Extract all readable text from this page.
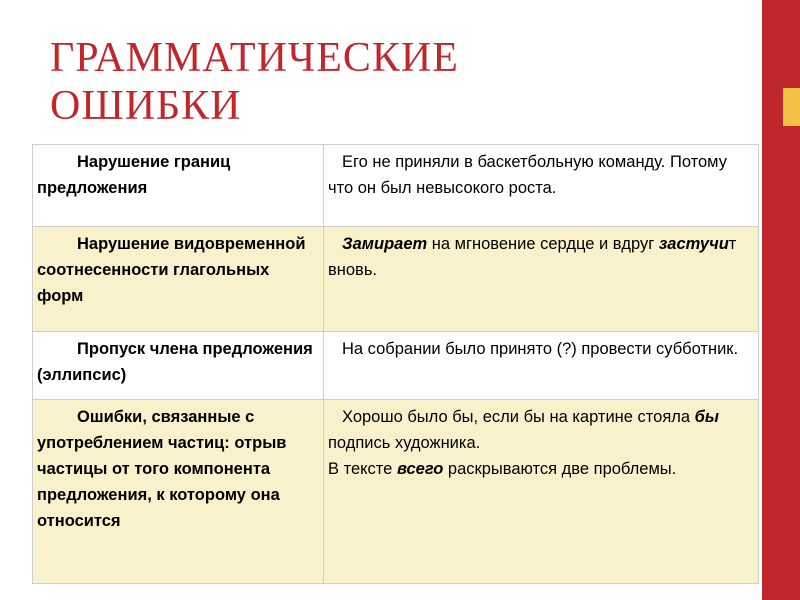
ГРАММАТИЧЕСКИЕ
ОШИБКИ
Нарушение границ предложения	Его не приняли в баскетбольную команду. Потому что он был невысокого роста.

Нарушение видовременной соотнесенности глагольных форм	Замирает на мгновение сердце и вдруг застучит вновь.

Пропуск члена предложения (эллипсис)	На собрании было принято (?) провести субботник.

Ошибки, связанные с употреблением частиц: отрыв частицы от того компонента предложения, к которому она относится	Хорошо было бы, если бы на картине стояла бы подпись художника.
В тексте всего раскрываются две проблемы.
